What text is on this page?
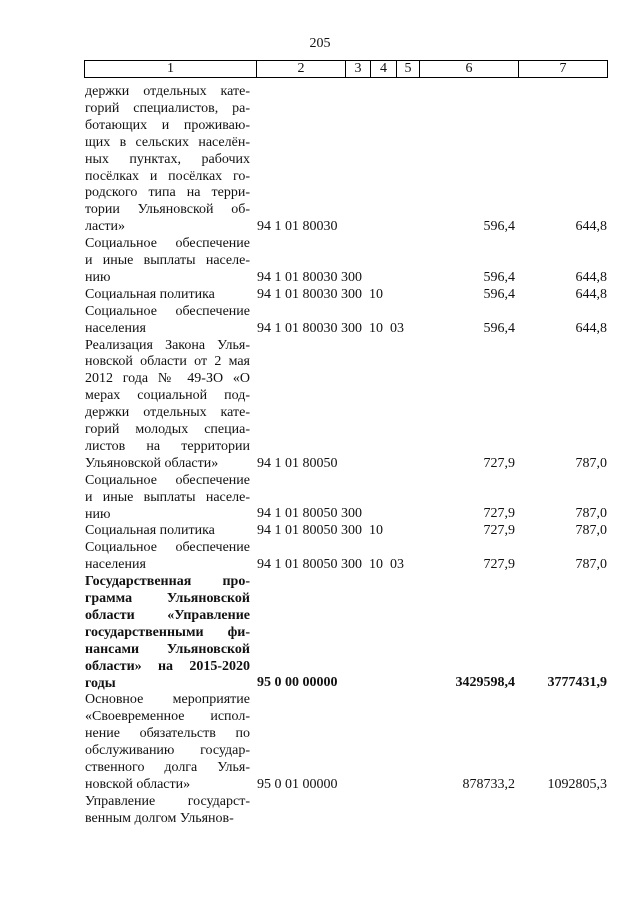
205
1	2	3	4	5	6	7
держки отдельных кате-
горий специалистов, ра-
ботающих и проживаю-
щих в сельских населён-
ных пунктах, рабочих
посёлках и посёлках го-
родского типа на терри-
тории Ульяновской об-
ласти»	94 1 01 80030	596,4	644,8
Социальное обеспечение
и иные выплаты населе-
нию	94 1 01 80030 300	596,4	644,8
Социальная политика	94 1 01 80030 300  10	596,4	644,8
Социальное обеспечение
населения	94 1 01 80030 300  10  03	596,4	644,8
Реализация Закона Улья-
новской области от 2 мая
2012 года № 49-ЗО «О
мерах социальной под-
держки отдельных кате-
горий молодых специа-
листов на территории
Ульяновской области»	94 1 01 80050	727,9	787,0
Социальное обеспечение
и иные выплаты населе-
нию	94 1 01 80050 300	727,9	787,0
Социальная политика	94 1 01 80050 300  10	727,9	787,0
Социальное обеспечение
населения	94 1 01 80050 300  10  03	727,9	787,0
Государственная про-
грамма Ульяновской
области «Управление
государственными фи-
нансами Ульяновской
области» на 2015-2020
годы	95 0 00 00000	3429598,4	3777431,9
Основное мероприятие
«Своевременное испол-
нение обязательств по
обслуживанию государ-
ственного долга Улья-
новской области»	95 0 01 00000	878733,2	1092805,3
Управление государст-
венным долгом Ульянов-
